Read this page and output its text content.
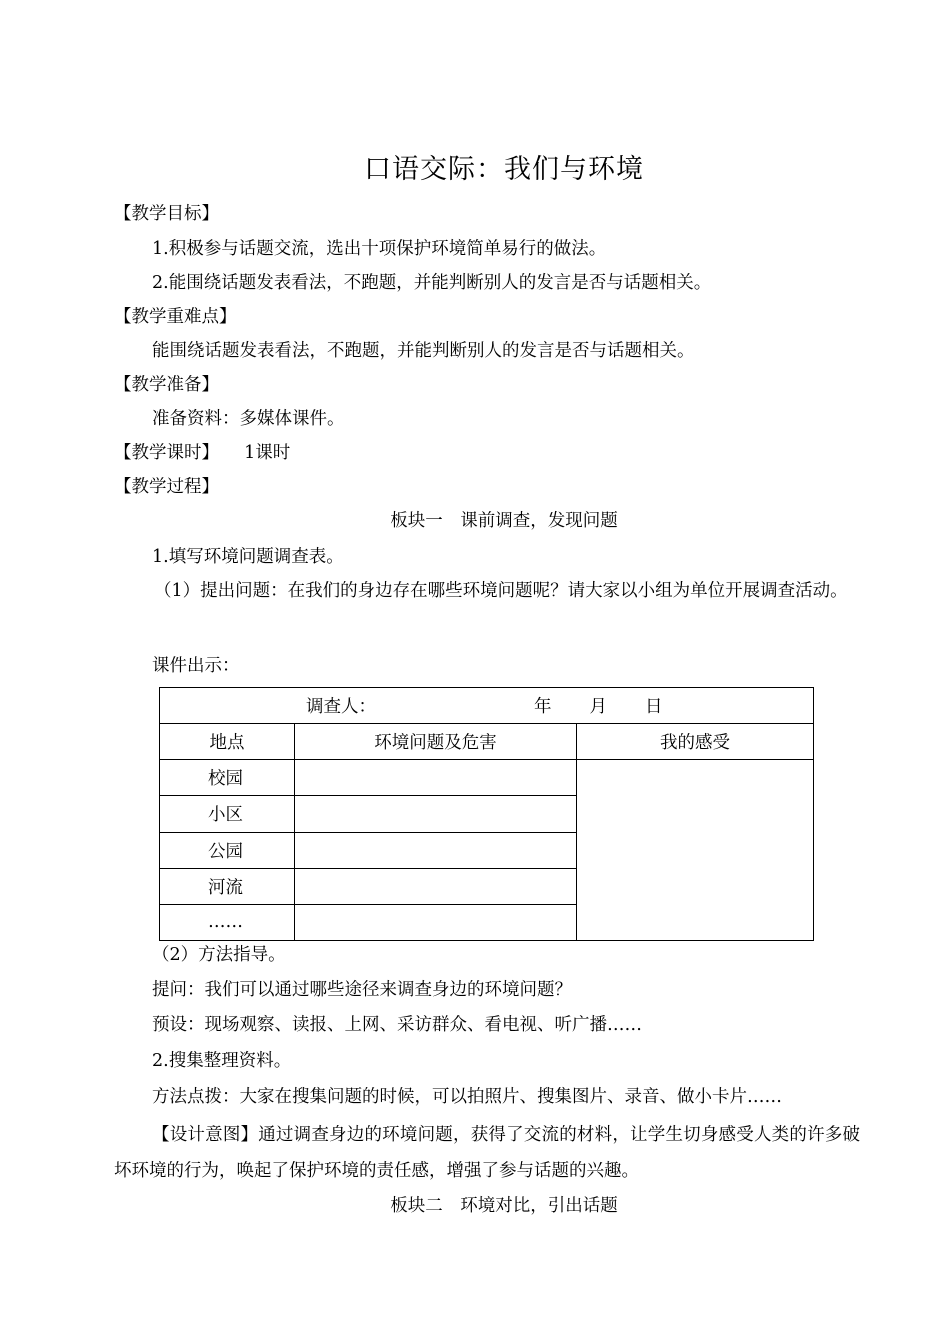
口语交际：我们与环境
【教学目标】
1.积极参与话题交流，选出十项保护环境简单易行的做法。
2.能围绕话题发表看法，不跑题，并能判断别人的发言是否与话题相关。
【教学重难点】
能围绕话题发表看法，不跑题，并能判断别人的发言是否与话题相关。
【教学准备】
准备资料：多媒体课件。
【教学课时】 1课时
【教学过程】
板块一　课前调查，发现问题
1.填写环境问题调查表。
（1）提出问题：在我们的身边存在哪些环境问题呢？请大家以小组为单位开展调查活动。
课件出示：
调查人： 年 月 日		
地点	环境问题及危害	我的感受
校园		
小区		
公园		
河流		
……		
（2）方法指导。
提问：我们可以通过哪些途径来调查身边的环境问题？
预设：现场观察、读报、上网、采访群众、看电视、听广播……
2.搜集整理资料。
方法点拨：大家在搜集问题的时候，可以拍照片、搜集图片、录音、做小卡片……
【设计意图】通过调查身边的环境问题，获得了交流的材料，让学生切身感受人类的许多破坏环境的行为，唤起了保护环境的责任感，增强了参与话题的兴趣。
板块二　环境对比，引出话题
